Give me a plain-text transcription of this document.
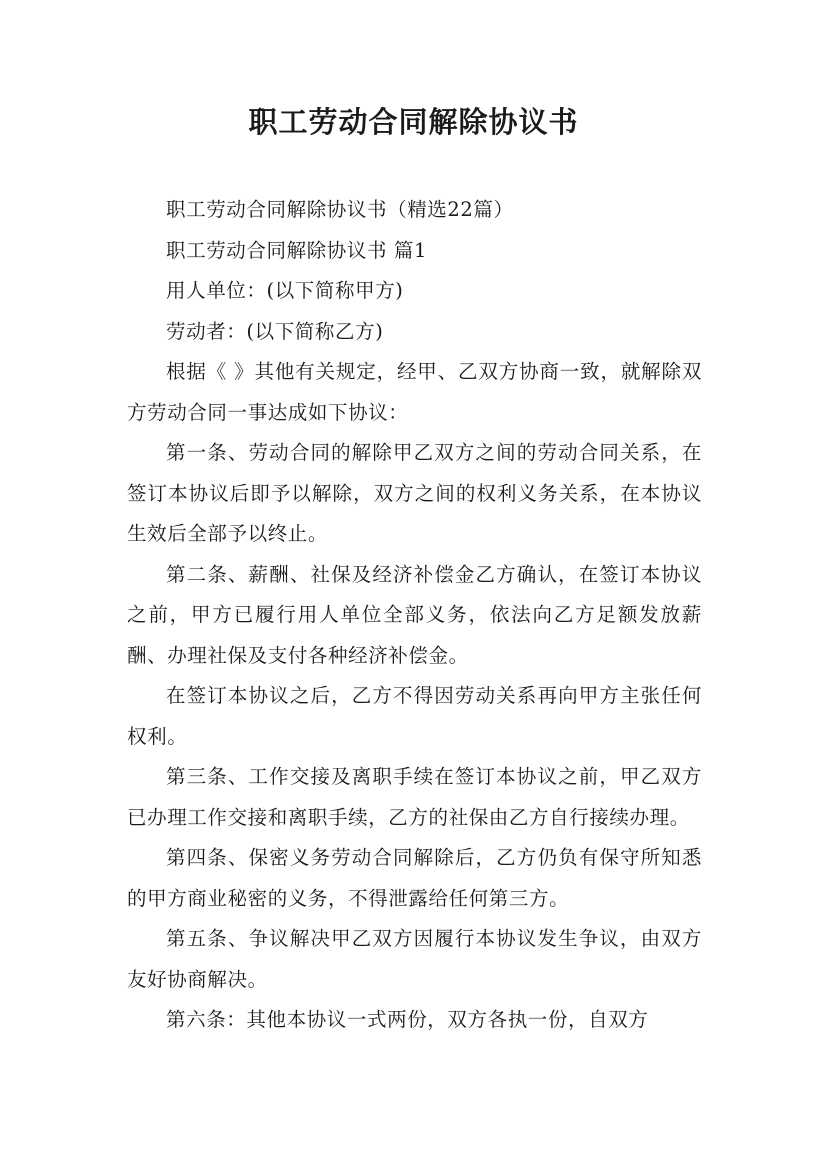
职工劳动合同解除协议书

职工劳动合同解除协议书（精选22篇）

职工劳动合同解除协议书 篇1

用人单位：(以下简称甲方)

劳动者：(以下简称乙方)

根据《 》其他有关规定，经甲、乙双方协商一致，就解除双方劳动合同一事达成如下协议：

第一条、劳动合同的解除甲乙双方之间的劳动合同关系，在签订本协议后即予以解除，双方之间的权利义务关系，在本协议生效后全部予以终止。

第二条、薪酬、社保及经济补偿金乙方确认，在签订本协议之前，甲方已履行用人单位全部义务，依法向乙方足额发放薪酬、办理社保及支付各种经济补偿金。

在签订本协议之后，乙方不得因劳动关系再向甲方主张任何权利。

第三条、工作交接及离职手续在签订本协议之前，甲乙双方已办理工作交接和离职手续，乙方的社保由乙方自行接续办理。

第四条、保密义务劳动合同解除后，乙方仍负有保守所知悉的甲方商业秘密的义务，不得泄露给任何第三方。

第五条、争议解决甲乙双方因履行本协议发生争议，由双方友好协商解决。

第六条：其他本协议一式两份，双方各执一份，自双方
